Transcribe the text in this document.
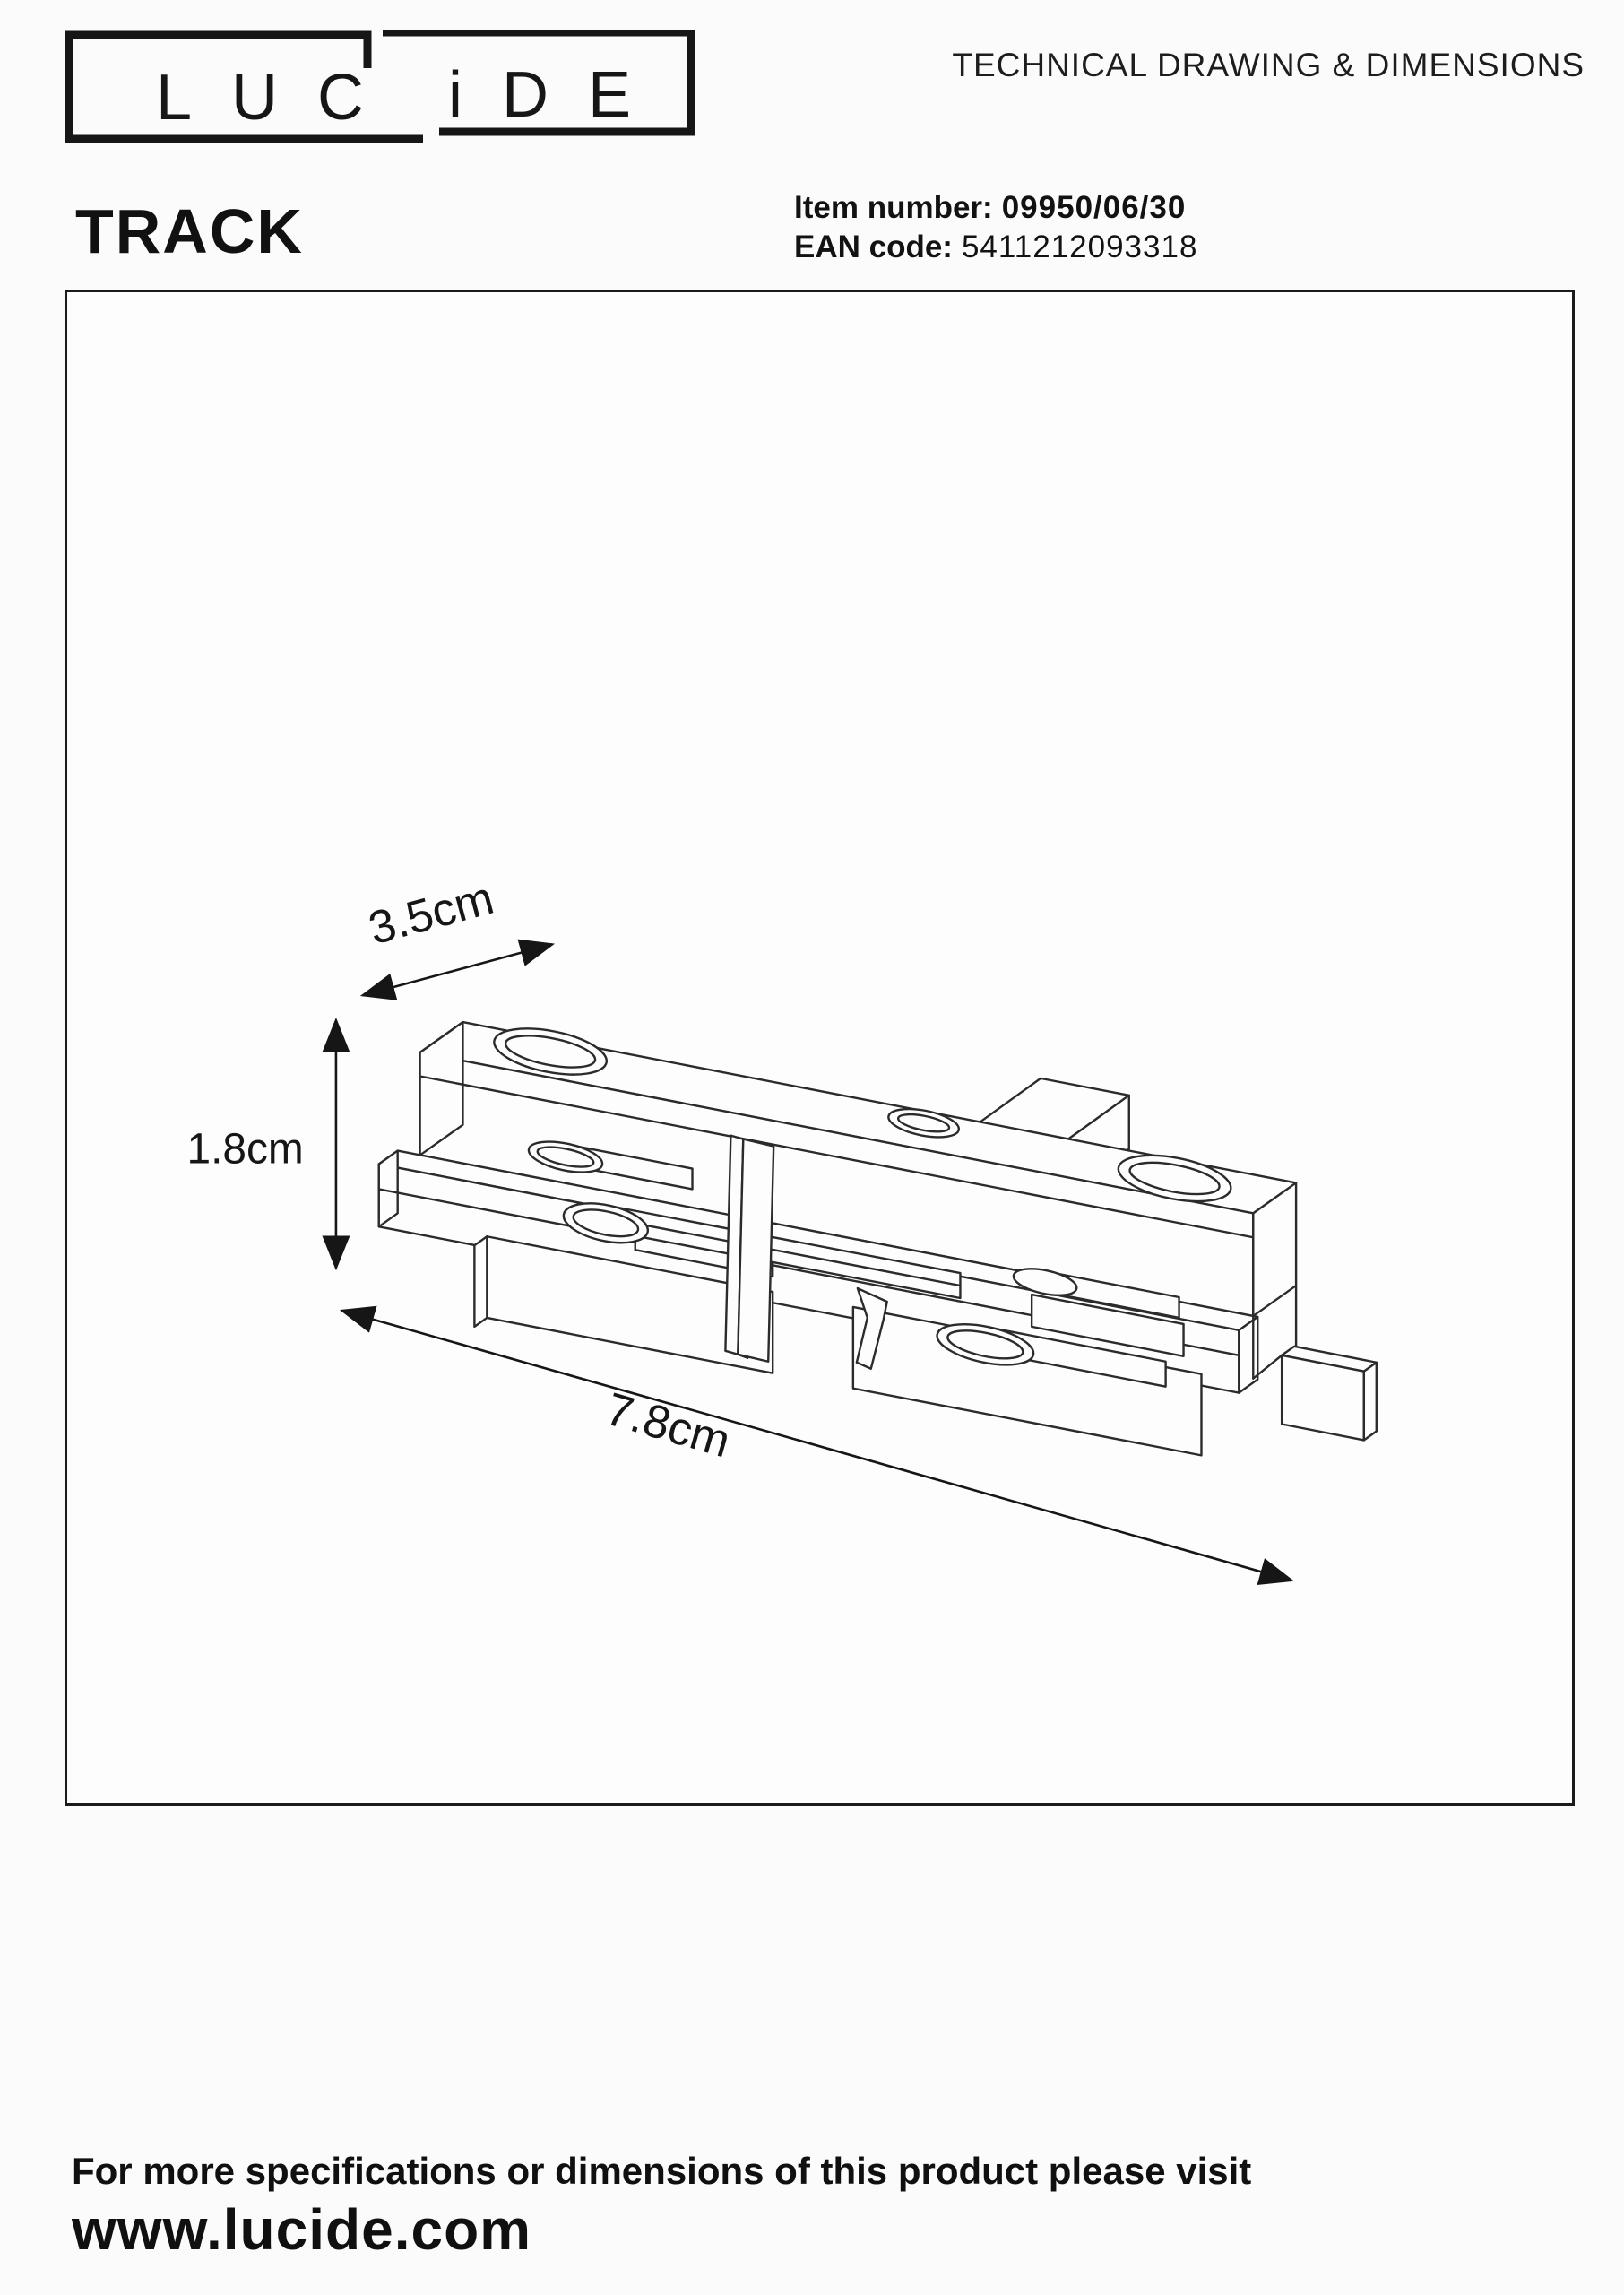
LUC iDE	TECHNICAL DRAWING & DIMENSIONS
TRACK	Item number: 09950/06/30
EAN code: 5411212093318
3.5cm
1.8cm
7.8cm
For more specifications or dimensions of this product please visit
www.lucide.com
